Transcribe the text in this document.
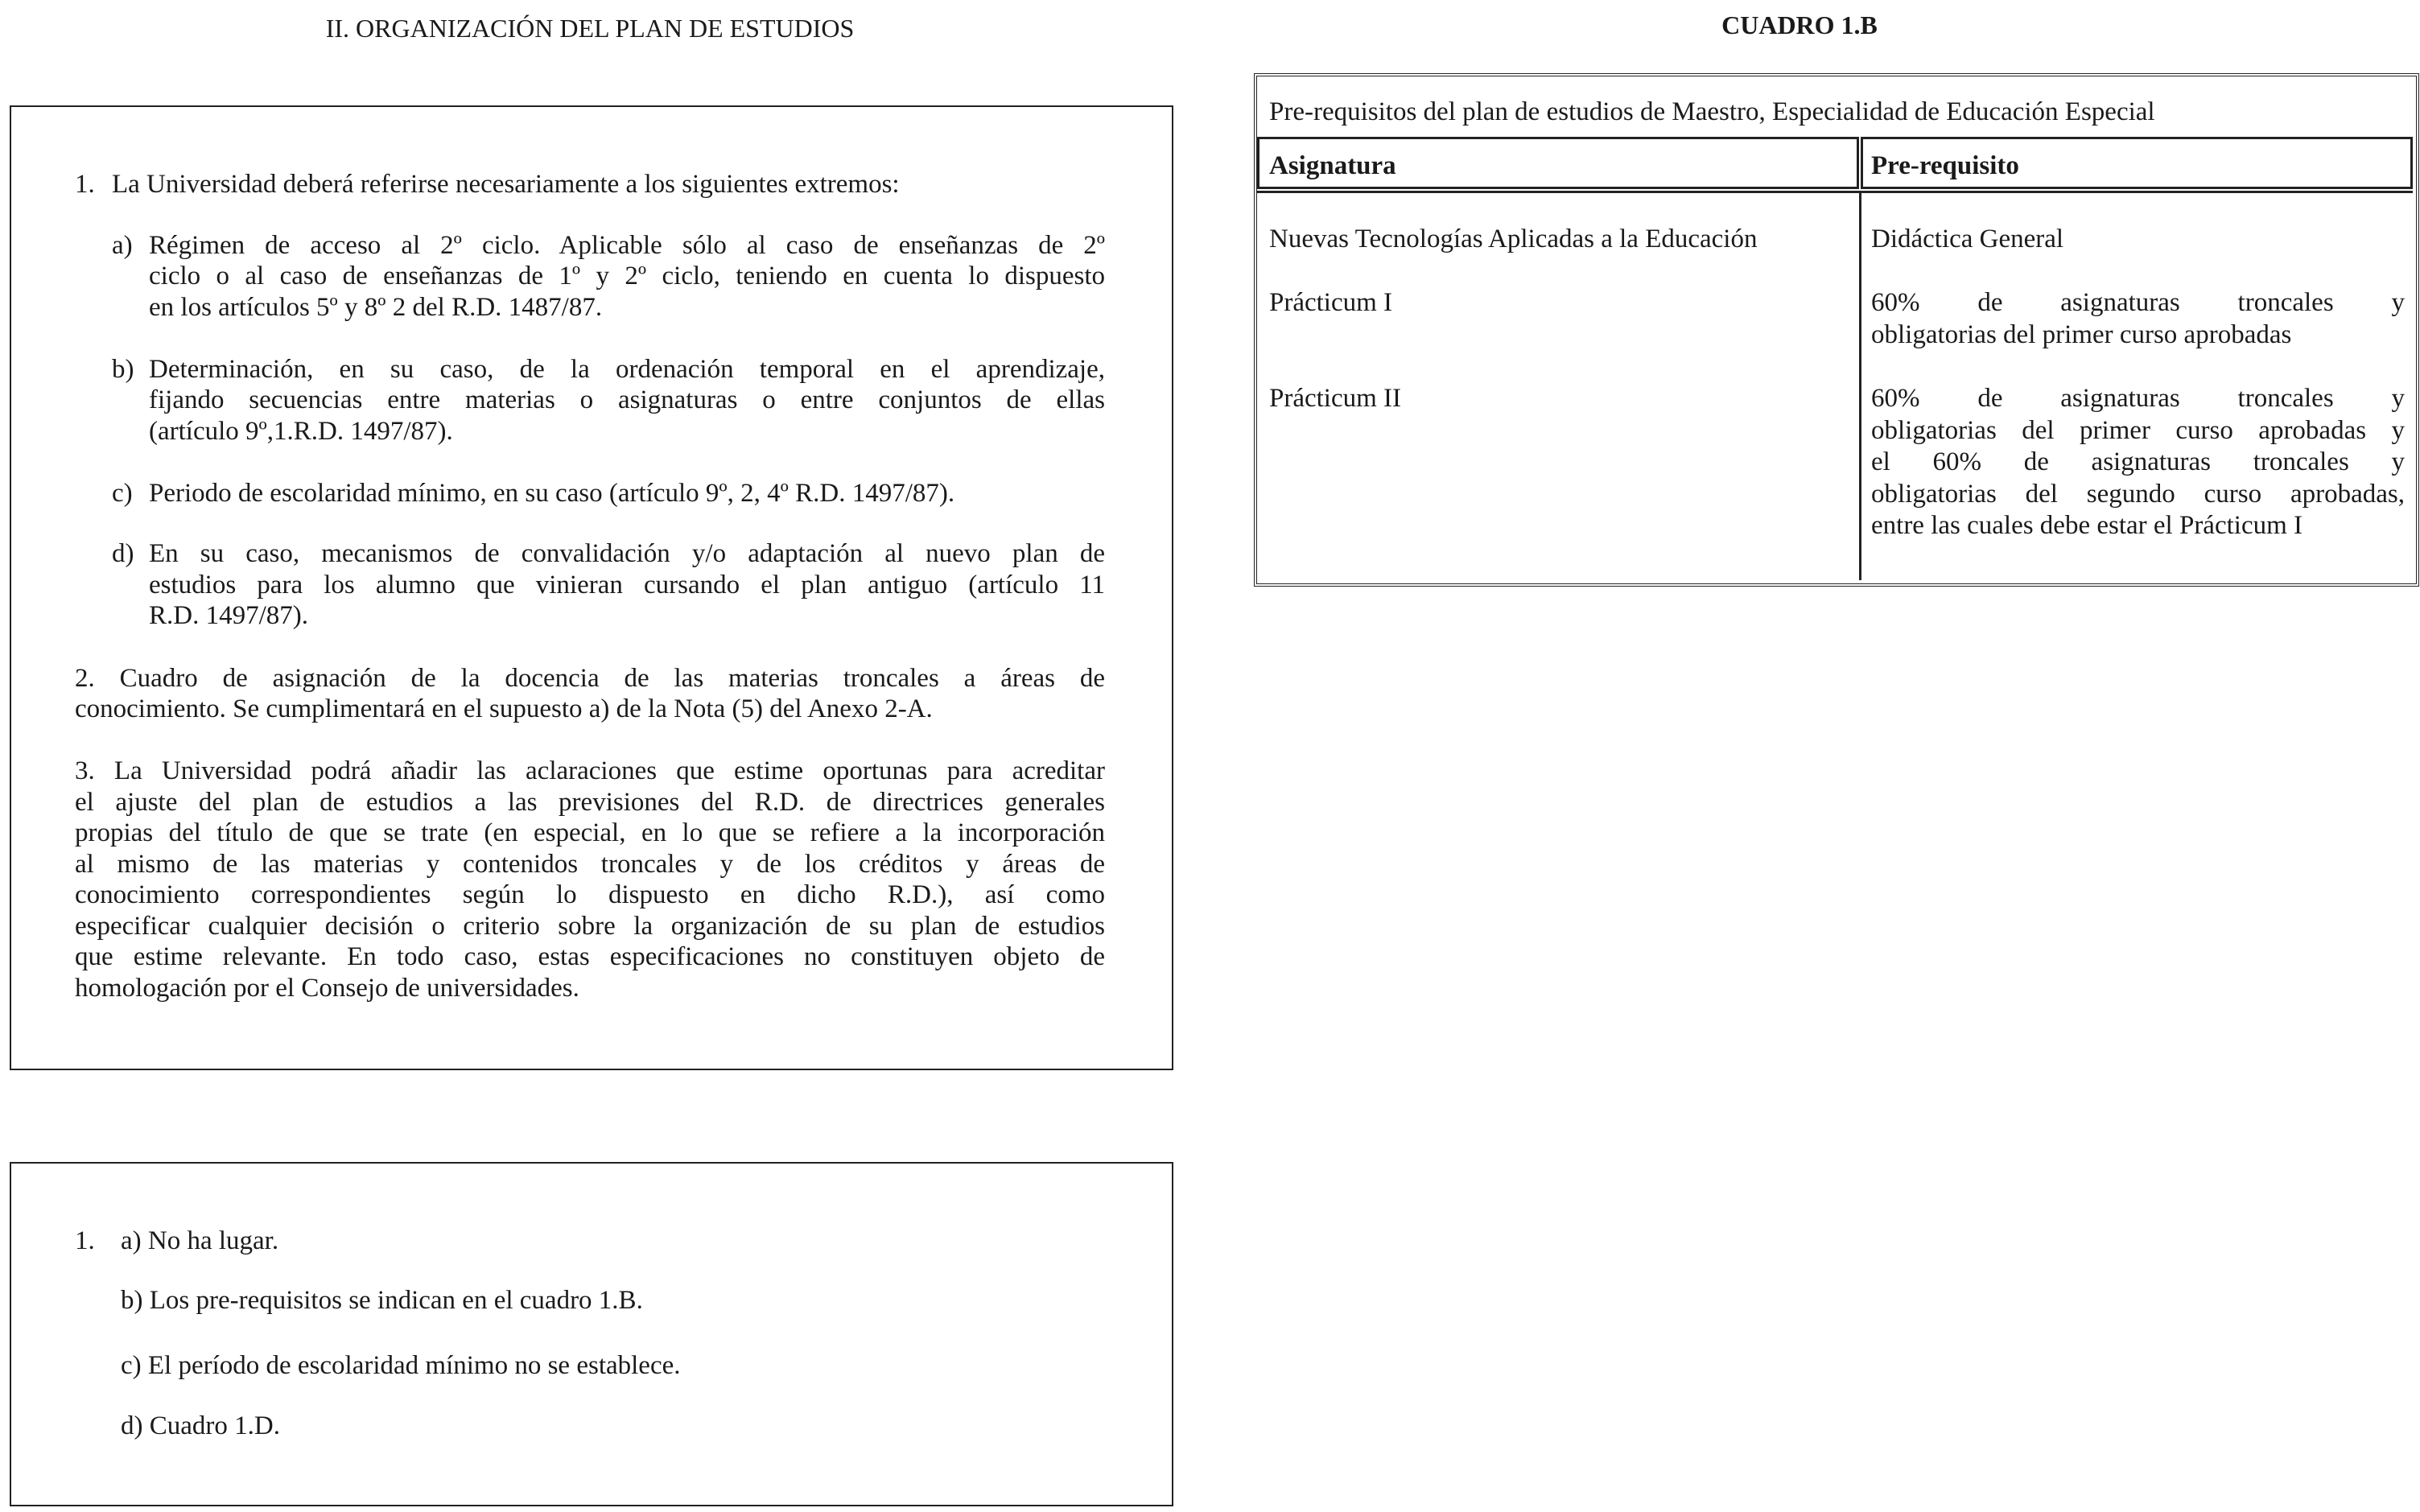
II. ORGANIZACIÓN DEL PLAN DE ESTUDIOS	CUADRO 1.B
1. La Universidad deberá referirse necesariamente a los siguientes extremos:
a) Régimen de acceso al 2º ciclo. Aplicable sólo al caso de enseñanzas de 2º
ciclo o al caso de enseñanzas de 1º y 2º ciclo, teniendo en cuenta lo dispuesto
en los artículos 5º y 8º 2 del R.D. 1487/87.
b) Determinación, en su caso, de la ordenación temporal en el aprendizaje,
fijando secuencias entre materias o asignaturas o entre conjuntos de ellas
(artículo 9º,1.R.D. 1497/87).
c) Periodo de escolaridad mínimo, en su caso (artículo 9º, 2, 4º R.D. 1497/87).
d) En su caso, mecanismos de convalidación y/o adaptación al nuevo plan de
estudios para los alumno que vinieran cursando el plan antiguo (artículo 11
R.D. 1497/87).
2. Cuadro de asignación de la docencia de las materias troncales a áreas de
conocimiento. Se cumplimentará en el supuesto a) de la Nota (5) del Anexo 2-A.
3. La Universidad podrá añadir las aclaraciones que estime oportunas para acreditar
el ajuste del plan de estudios a las previsiones del R.D. de directrices generales
propias del título de que se trate (en especial, en lo que se refiere a la incorporación
al mismo de las materias y contenidos troncales y de los créditos y áreas de
conocimiento correspondientes según lo dispuesto en dicho R.D.), así como
especificar cualquier decisión o criterio sobre la organización de su plan de estudios
que estime relevante. En todo caso, estas especificaciones no constituyen objeto de
homologación por el Consejo de universidades.
1. a) No ha lugar.
b) Los pre-requisitos se indican en el cuadro 1.B.
c) El período de escolaridad mínimo no se establece.
d) Cuadro 1.D.
Pre-requisitos del plan de estudios de Maestro, Especialidad de Educación Especial
Asignatura	Pre-requisito
Nuevas Tecnologías Aplicadas a la Educación	Didáctica General
Prácticum I	60% de asignaturas troncales y
obligatorias del primer curso aprobadas
Prácticum II	60% de asignaturas troncales y
obligatorias del primer curso aprobadas y
el 60% de asignaturas troncales y
obligatorias del segundo curso aprobadas,
entre las cuales debe estar el Prácticum I
